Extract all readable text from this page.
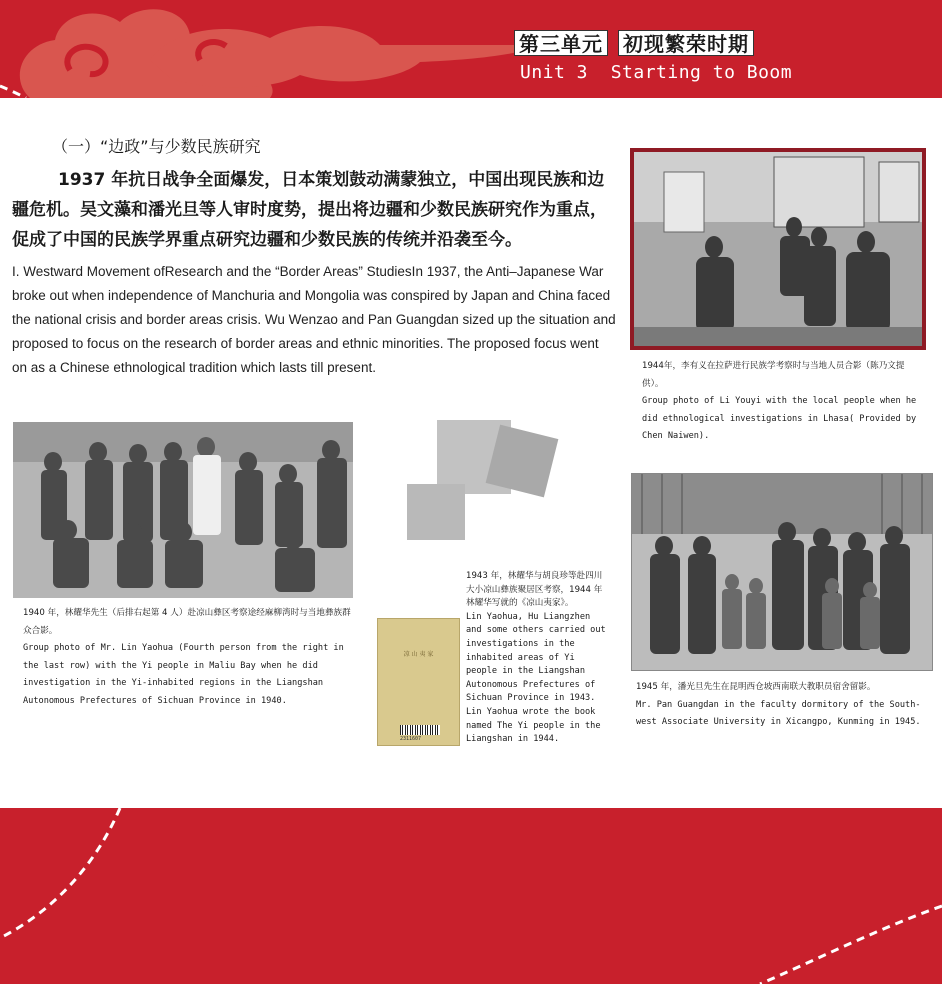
第三单元 初现繁荣时期
Unit 3  Starting to Boom
（一）“边政”与少数民族研究

1937 年抗日战争全面爆发，日本策划鼓动满蒙独立，中国出现民族和边疆危机。吴文藻和潘光旦等人审时度势，提出将边疆和少数民族研究作为重点，促成了中国的民族学界重点研究边疆和少数民族的传统并沿袭至今。

I. Westward Movement ofResearch and the “Border Areas” StudiesIn 1937, the Anti–Japanese War broke out when independence of Manchuria and Mongolia was conspired by Japan and China faced the national crisis and border areas crisis. Wu Wenzao and Pan Guangdan sized up the situation and proposed to focus on the research of border areas and ethnic minorities. The proposed focus went on as a Chinese ethnological tradition which lasts till present.	1944年，李有义在拉萨进行民族学考察时与当地人员合影（陈乃文提供）。
Group photo of Li Youyi with the local people when he did ethnological investigations in Lhasa( Provided by Chen Naiwen).
1940 年，林耀华先生（后排右起第 4 人）赴凉山彝区考察途经麻柳湾时与当地彝族群众合影。
Group photo of Mr. Lin Yaohua (Fourth person from the right in the last row) with the Yi people in Maliu Bay when he did investigation in the Yi-inhabited regions in the Liangshan Autonomous Prefectures of Sichuan Province in 1940.
凉 山 夷 家
2311607
1943 年，林耀华与胡良珍等赴四川大小凉山彝族聚居区考察，1944 年林耀华写就的《凉山夷家》。
Lin Yaohua, Hu Liangzhen and some others carried out investigations in the inhabited areas of Yi people in the Liangshan Autonomous Prefectures of Sichuan Province in 1943. Lin Yaohua wrote the book named The Yi people in the Liangshan in 1944.
1945 年，潘光旦先生在昆明西仓坡西南联大教职员宿舍留影。
Mr. Pan Guangdan in the faculty dormitory of the South-west Associate University in Xicangpo, Kunming in 1945.
